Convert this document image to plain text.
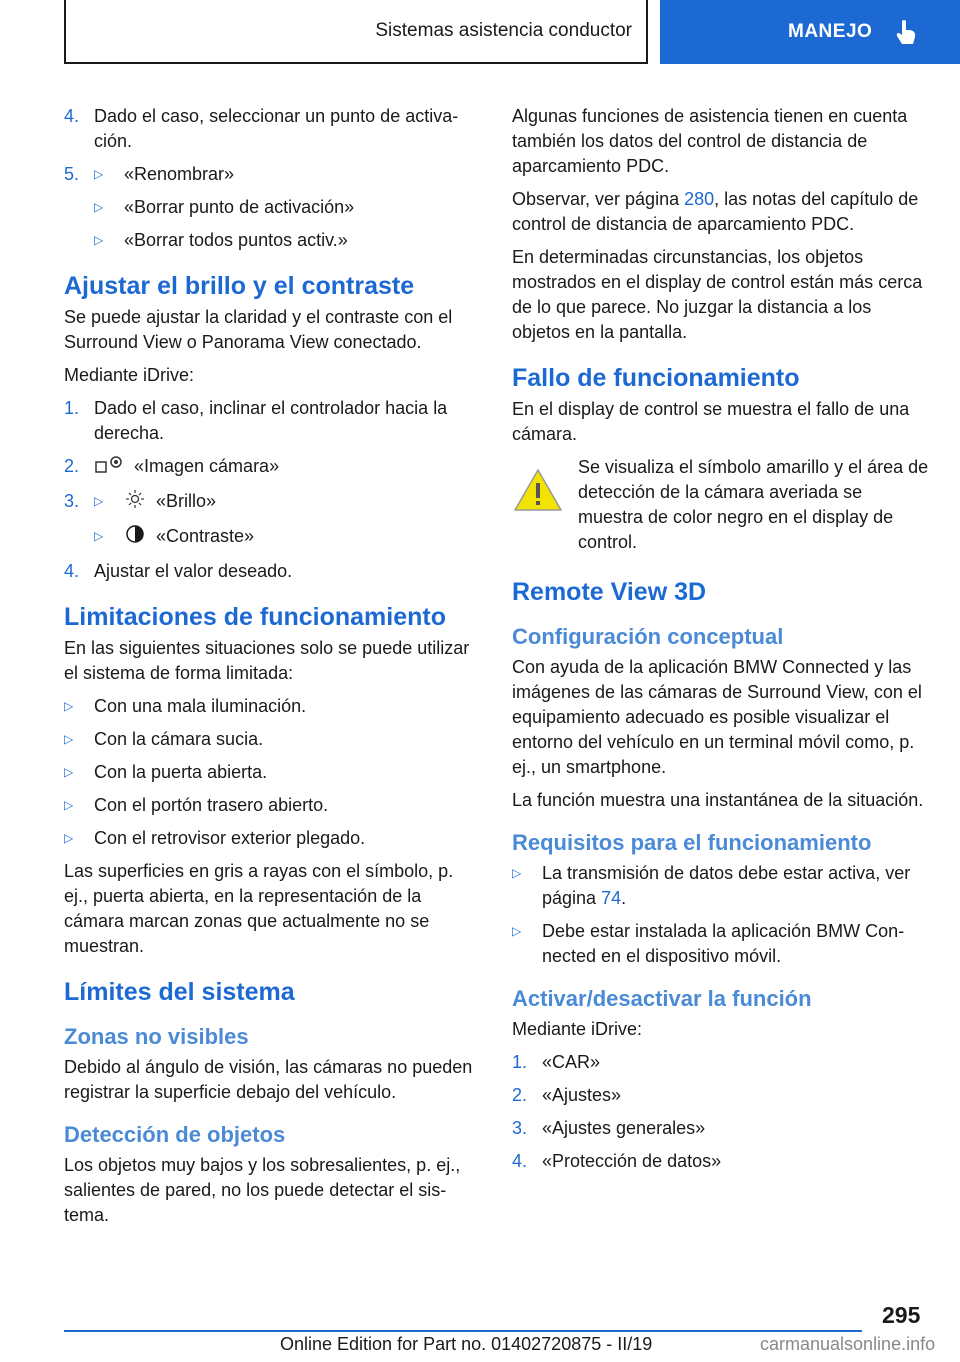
Sistemas asistencia conductor	MANEJO
4. Dado el caso, seleccionar un punto de activación.
5.	▷	«Renombrar»
▷	«Borrar punto de activación»
▷	«Borrar todos puntos activ.»
Ajustar el brillo y el contraste

Se puede ajustar la claridad y el contraste con el Surround View o Panorama View conectado.

Mediante iDrive:

1. Dado el caso, inclinar el controlador hacia la derecha.
2.	«Imagen cámara»
3.	▷	«Brillo»
▷	«Contraste»
4. Ajustar el valor deseado.
Limitaciones de funcionamiento

En las siguientes situaciones solo se puede utilizar el sistema de forma limitada:

▷	Con una mala iluminación.
▷	Con la cámara sucia.
▷	Con la puerta abierta.
▷	Con el portón trasero abierto.
▷	Con el retrovisor exterior plegado.

Las superficies en gris a rayas con el símbolo, p. ej., puerta abierta, en la representación de la cámara marcan zonas que actualmente no se muestran.

Límites del sistema
Zonas no visibles

Debido al ángulo de visión, las cámaras no pueden registrar la superficie debajo del vehículo.

Detección de objetos

Los objetos muy bajos y los sobresalientes, p. ej., salientes de pared, no los puede detectar el sistema.

Algunas funciones de asistencia tienen en cuenta también los datos del control de distancia de aparcamiento PDC.

Observar, ver página 280, las notas del capítulo de control de distancia de aparcamiento PDC.

En determinadas circunstancias, los objetos mostrados en el display de control están más cerca de lo que parece. No juzgar la distancia a los objetos en la pantalla.

Fallo de funcionamiento

En el display de control se muestra el fallo de una cámara.

Se visualiza el símbolo amarillo y el área de detección de la cámara averiada se muestra de color negro en el display de control.
Remote View 3D
Configuración conceptual

Con ayuda de la aplicación BMW Connected y las imágenes de las cámaras de Surround View, con el equipamiento adecuado es posible visualizar el entorno del vehículo en un terminal móvil como, p. ej., un smartphone.

La función muestra una instantánea de la situación.

Requisitos para el funcionamiento
▷	La transmisión de datos debe estar activa, ver página 74.
▷	Debe estar instalada la aplicación BMW Connected en el dispositivo móvil.
Activar/desactivar la función

Mediante iDrive:

1. «CAR»
2. «Ajustes»
3. «Ajustes generales»
4. «Protección de datos»
295
Online Edition for Part no. 01402720875 - II/19	carmanualsonline.info
